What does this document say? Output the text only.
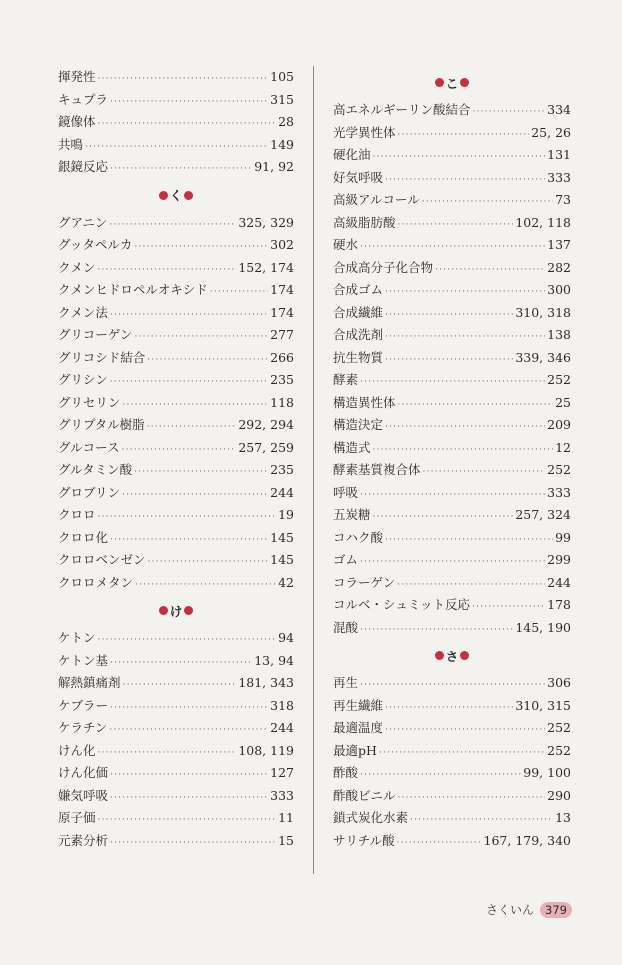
揮発性 ·····	105
キュプラ ·····	315
鏡像体 ·····	28
共鳴 ·····	149
銀鏡反応 ·····	91, 92
く
グアニン ·····	325, 329
グッタペルカ ·····	302
クメン ·····	152, 174
クメンヒドロペルオキシド ·····	174
クメン法 ·····	174
グリコーゲン ·····	277
グリコシド結合 ·····	266
グリシン ·····	235
グリセリン ·····	118
グリプタル樹脂 ·····	292, 294
グルコース ·····	257, 259
グルタミン酸 ·····	235
グロブリン ·····	244
クロロ ·····	19
クロロ化 ·····	145
クロロベンゼン ·····	145
クロロメタン ·····	42
け
ケトン ·····	94
ケトン基 ·····	13, 94
解熱鎮痛剤 ·····	181, 343
ケブラー ·····	318
ケラチン ·····	244
けん化 ·····	108, 119
けん化価 ·····	127
嫌気呼吸 ·····	333
原子価 ·····	11
元素分析 ·····	15
こ
高エネルギーリン酸結合 ·····	334
光学異性体 ·····	25, 26
硬化油 ·····	131
好気呼吸 ·····	333
高級アルコール ·····	73
高級脂肪酸 ·····	102, 118
硬水 ·····	137
合成高分子化合物 ·····	282
合成ゴム ·····	300
合成繊維 ·····	310, 318
合成洗剤 ·····	138
抗生物質 ·····	339, 346
酵素 ·····	252
構造異性体 ·····	25
構造決定 ·····	209
構造式 ·····	12
酵素基質複合体 ·····	252
呼吸 ·····	333
五炭糖 ·····	257, 324
コハク酸 ·····	99
ゴム ·····	299
コラーゲン ·····	244
コルベ・シュミット反応 ·····	178
混酸 ·····	145, 190
さ
再生 ·····	306
再生繊維 ·····	310, 315
最適温度 ·····	252
最適pH ·····	252
酢酸 ·····	99, 100
酢酸ビニル ·····	290
鎖式炭化水素 ·····	13
サリチル酸 ·····	167, 179, 340
さくいん 379
